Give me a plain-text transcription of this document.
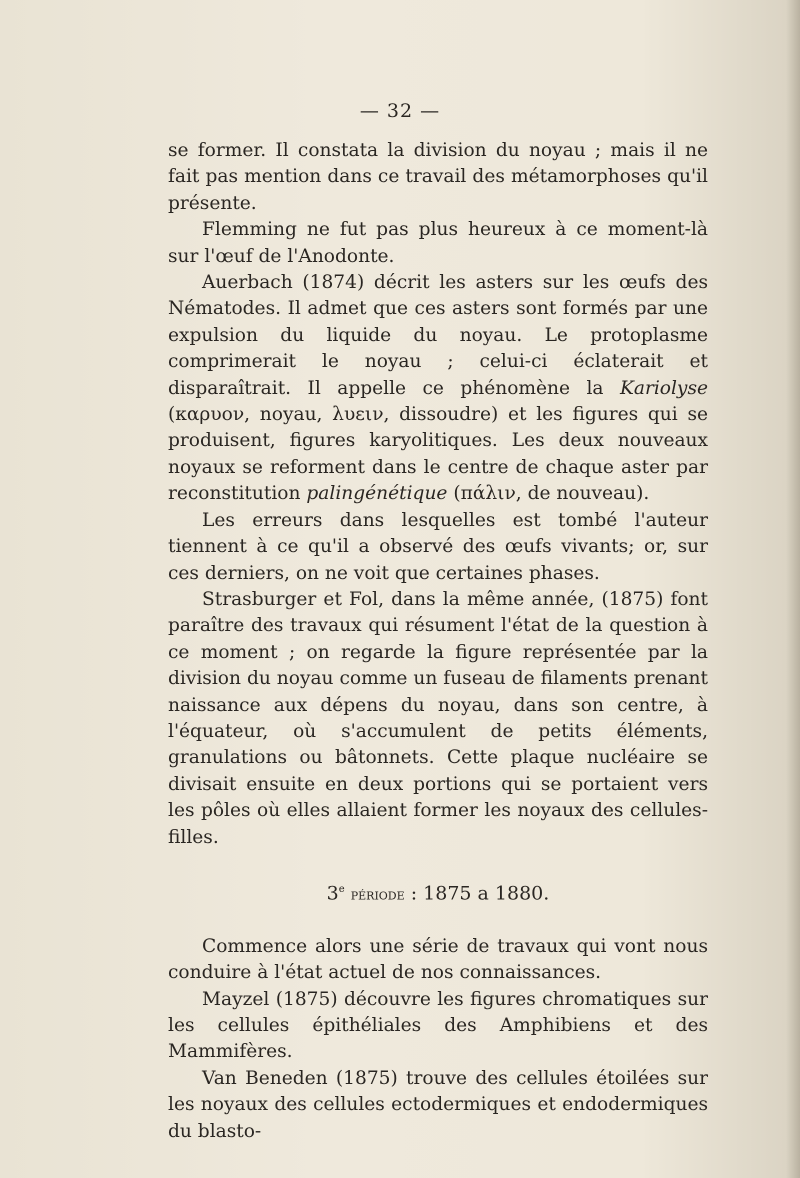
— 32 —

se former. Il constata la division du noyau ; mais il ne fait pas mention dans ce travail des métamorphoses qu'il présente.

Flemming ne fut pas plus heureux à ce moment-là sur l'œuf de l'Anodonte.

Auerbach (1874) décrit les asters sur les œufs des Nématodes. Il admet que ces asters sont formés par une expulsion du liquide du noyau. Le protoplasme comprimerait le noyau ; celui-ci éclaterait et disparaîtrait. Il appelle ce phénomène la Kariolyse (καρυον, noyau, λυειν, dissoudre) et les figures qui se produisent, figures karyolitiques. Les deux nouveaux noyaux se reforment dans le centre de chaque aster par reconstitution palingénétique (πάλιν, de nouveau).

Les erreurs dans lesquelles est tombé l'auteur tiennent à ce qu'il a observé des œufs vivants; or, sur ces derniers, on ne voit que certaines phases.

Strasburger et Fol, dans la même année, (1875) font paraître des travaux qui résument l'état de la question à ce moment ; on regarde la figure représentée par la division du noyau comme un fuseau de filaments prenant naissance aux dépens du noyau, dans son centre, à l'équateur, où s'accumulent de petits éléments, granulations ou bâtonnets. Cette plaque nucléaire se divisait ensuite en deux portions qui se portaient vers les pôles où elles allaient former les noyaux des cellules-filles.

3e période : 1875 a 1880.

Commence alors une série de travaux qui vont nous conduire à l'état actuel de nos connaissances.

Mayzel (1875) découvre les figures chromatiques sur les cellules épithéliales des Amphibiens et des Mammifères.

Van Beneden (1875) trouve des cellules étoilées sur les noyaux des cellules ectodermiques et endodermiques du blasto-
